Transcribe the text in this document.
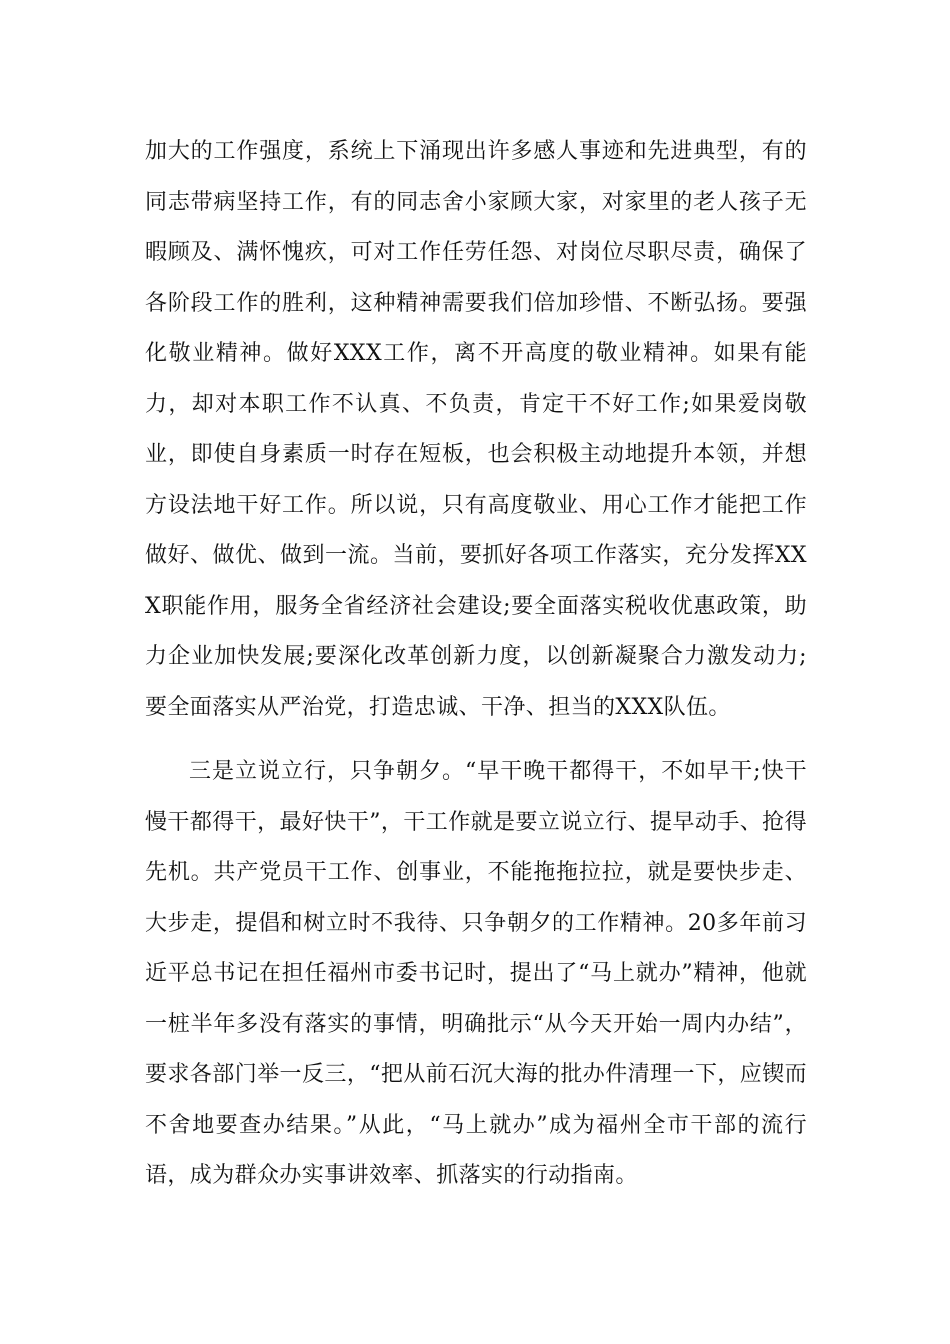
加大的工作强度，系统上下涌现出许多感人事迹和先进典型，有的同志带病坚持工作，有的同志舍小家顾大家，对家里的老人孩子无暇顾及、满怀愧疚，可对工作任劳任怨、对岗位尽职尽责，确保了各阶段工作的胜利，这种精神需要我们倍加珍惜、不断弘扬。要强化敬业精神。做好XXX工作，离不开高度的敬业精神。如果有能力，却对本职工作不认真、不负责，肯定干不好工作;如果爱岗敬业，即使自身素质一时存在短板，也会积极主动地提升本领，并想方设法地干好工作。所以说，只有高度敬业、用心工作才能把工作做好、做优、做到一流。当前，要抓好各项工作落实，充分发挥XXX职能作用，服务全省经济社会建设;要全面落实税收优惠政策，助力企业加快发展;要深化改革创新力度，以创新凝聚合力激发动力;要全面落实从严治党，打造忠诚、干净、担当的XXX队伍。

三是立说立行，只争朝夕。“早干晚干都得干，不如早干;快干慢干都得干，最好快干”，干工作就是要立说立行、提早动手、抢得先机。共产党员干工作、创事业，不能拖拖拉拉，就是要快步走、大步走，提倡和树立时不我待、只争朝夕的工作精神。20多年前习近平总书记在担任福州市委书记时，提出了“马上就办”精神，他就一桩半年多没有落实的事情，明确批示“从今天开始一周内办结”，要求各部门举一反三，“把从前石沉大海的批办件清理一下，应锲而不舍地要查办结果。”从此，“马上就办”成为福州全市干部的流行语，成为群众办实事讲效率、抓落实的行动指南。
